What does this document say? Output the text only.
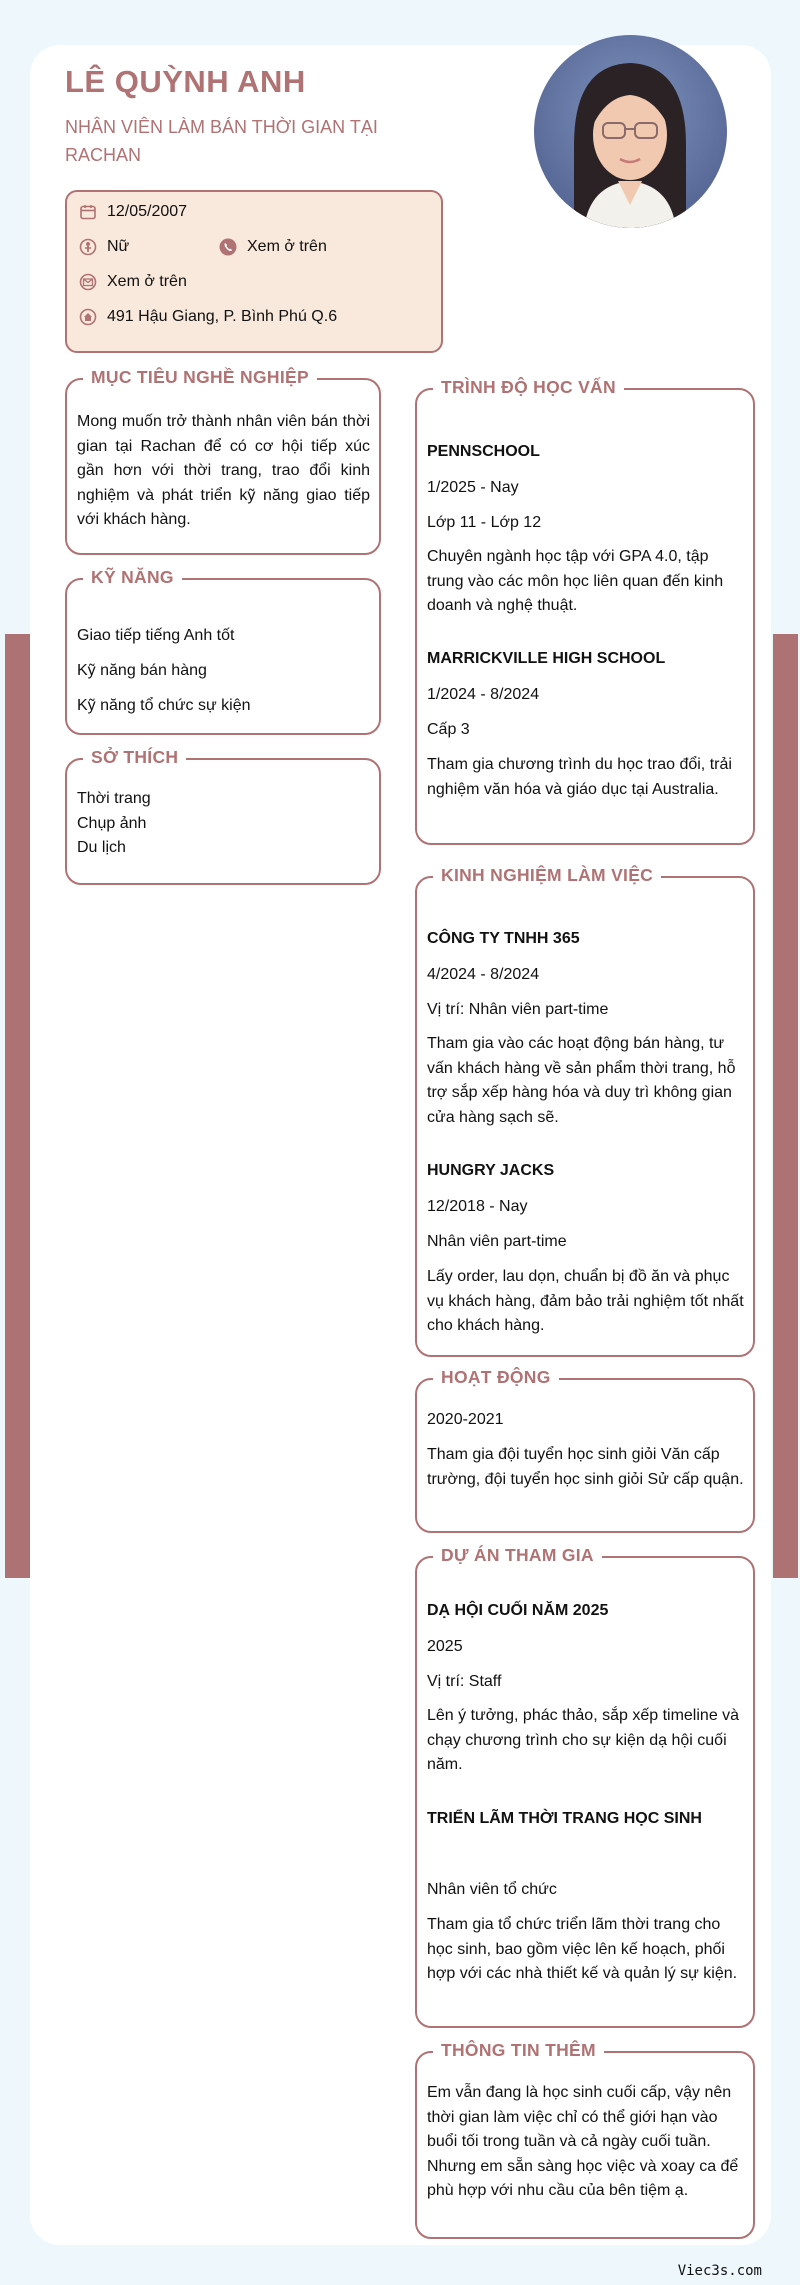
LÊ QUỲNH ANH
NHÂN VIÊN LÀM BÁN THỜI GIAN TẠI RACHAN
12/05/2007
Nữ	Xem ở trên
Xem ở trên
491 Hậu Giang, P. Bình Phú Q.6
MỤC TIÊU NGHỀ NGHIỆP
Mong muốn trở thành nhân viên bán thời gian tại Rachan để có cơ hội tiếp xúc gần hơn với thời trang, trao đổi kinh nghiệm và phát triển kỹ năng giao tiếp với khách hàng.
KỸ NĂNG
Giao tiếp tiếng Anh tốt
Kỹ năng bán hàng
Kỹ năng tổ chức sự kiện
SỞ THÍCH
Thời trang
Chụp ảnh
Du lịch
TRÌNH ĐỘ HỌC VẤN
PENNSCHOOL
1/2025 - Nay
Lớp 11 - Lớp 12
Chuyên ngành học tập với GPA 4.0, tập trung vào các môn học liên quan đến kinh doanh và nghệ thuật.
MARRICKVILLE HIGH SCHOOL
1/2024 - 8/2024
Cấp 3
Tham gia chương trình du học trao đổi, trải nghiệm văn hóa và giáo dục tại Australia.
KINH NGHIỆM LÀM VIỆC
CÔNG TY TNHH 365
4/2024 - 8/2024
Vị trí: Nhân viên part-time
Tham gia vào các hoạt động bán hàng, tư vấn khách hàng về sản phẩm thời trang, hỗ trợ sắp xếp hàng hóa và duy trì không gian cửa hàng sạch sẽ.
HUNGRY JACKS
12/2018 - Nay
Nhân viên part-time
Lấy order, lau dọn, chuẩn bị đồ ăn và phục vụ khách hàng, đảm bảo trải nghiệm tốt nhất cho khách hàng.
HOẠT ĐỘNG
2020-2021
Tham gia đội tuyển học sinh giỏi Văn cấp trường, đội tuyển học sinh giỏi Sử cấp quận.
DỰ ÁN THAM GIA
DẠ HỘI CUỐI NĂM 2025
2025
Vị trí: Staff
Lên ý tưởng, phác thảo, sắp xếp timeline và chạy chương trình cho sự kiện dạ hội cuối năm.
TRIỂN LÃM THỜI TRANG HỌC SINH
Nhân viên tổ chức
Tham gia tổ chức triển lãm thời trang cho học sinh, bao gồm việc lên kế hoạch, phối hợp với các nhà thiết kế và quản lý sự kiện.
THÔNG TIN THÊM
Em vẫn đang là học sinh cuối cấp, vậy nên thời gian làm việc chỉ có thể giới hạn vào buổi tối trong tuần và cả ngày cuối tuần. Nhưng em sẵn sàng học việc và xoay ca để phù hợp với nhu cầu của bên tiệm ạ.
Viec3s.com
